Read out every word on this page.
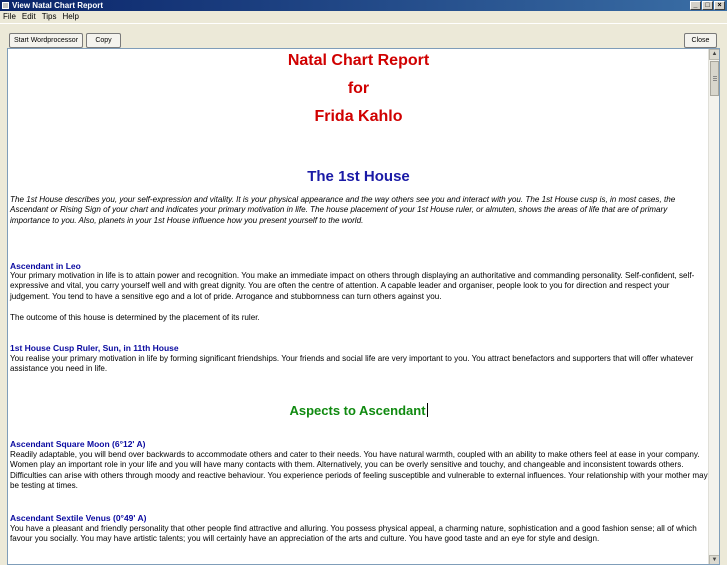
View Natal Chart Report	_	□	×
File Edit Tips Help
Start Wordprocessor	Copy	Close
Natal Chart Report
for
Frida Kahlo
The 1st House
The 1st House describes you, your self-expression and vitality. It is your physical appearance and the way others see you and interact with you. The 1st House cusp is, in most cases, the Ascendant or Rising Sign of your chart and indicates your primary motivation in life. The house placement of your 1st House ruler, or almuten, shows the areas of life that are of primary importance to you. Also, planets in your 1st House influence how you present yourself to the world.
Ascendant in Leo
Your primary motivation in life is to attain power and recognition. You make an immediate impact on others through displaying an authoritative and commanding personality. Self-confident, self-expressive and vital, you carry yourself well and with great dignity. You are often the centre of attention. A capable leader and organiser, people look to you for direction and respect your judgement. You tend to have a sensitive ego and a lot of pride. Arrogance and stubbornness can turn others against you.
The outcome of this house is determined by the placement of its ruler.
1st House Cusp Ruler, Sun, in 11th House
You realise your primary motivation in life by forming significant friendships. Your friends and social life are very important to you. You attract benefactors and supporters that will offer whatever assistance you need in life.
Aspects to Ascendant
Ascendant Square Moon (6°12' A)
Readily adaptable, you will bend over backwards to accommodate others and cater to their needs. You have natural warmth, coupled with an ability to make others feel at ease in your company. Women play an important role in your life and you will have many contacts with them. Alternatively, you can be overly sensitive and touchy, and changeable and inconsistent towards others. Difficulties can arise with others through moody and reactive behaviour. You experience periods of feeling susceptible and vulnerable to external influences. Your relationship with your mother may be testing at times.
Ascendant Sextile Venus (0°49' A)
You have a pleasant and friendly personality that other people find attractive and alluring. You possess physical appeal, a charming nature, sophistication and a good fashion sense; all of which favour you socially. You may have artistic talents; you will certainly have an appreciation of the arts and culture. You have good taste and an eye for style and design.
▲
▼
